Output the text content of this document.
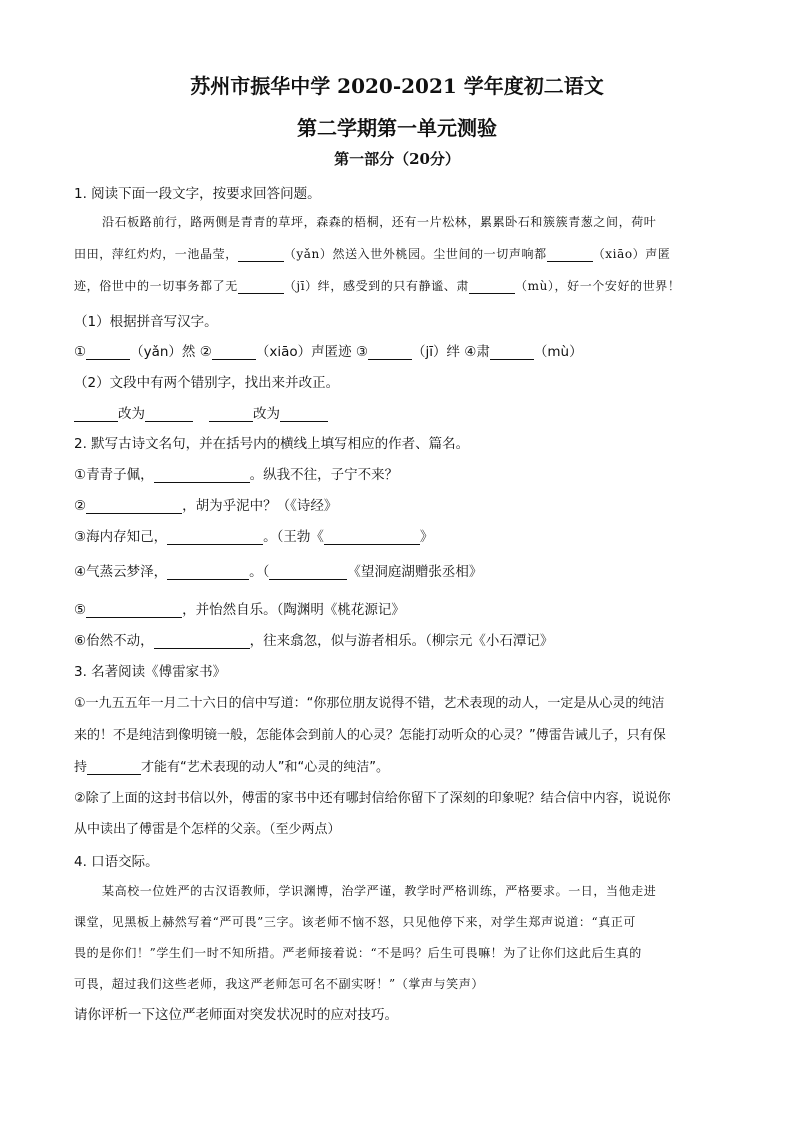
苏州市振华中学 2020-2021 学年度初二语文
第二学期第一单元测验
第一部分（20分）
1. 阅读下面一段文字，按要求回答问题。
沿石板路前行，路两侧是青青的草坪，森森的梧桐，还有一片松林，累累卧石和簇簇青葱之间，荷叶
田田，萍红灼灼，一池晶莹，	（yǎn）然送入世外桃园。尘世间的一切声响都	（xiāo）声匿
迹，俗世中的一切事务都了无	（jī）绊，感受到的只有静谧、肃	（mù），好一个安好的世界！
（1）根据拼音写汉字。
①	（yǎn）然 ②	（xiāo）声匿迹 ③	（jī）绊 ④肃	（mù）
（2）文段中有两个错别字，找出来并改正。
改为	改为
2. 默写古诗文名句，并在括号内的横线上填写相应的作者、篇名。
①青青子佩，	。纵我不往，子宁不来？
②	，胡为乎泥中？（《诗经》
③海内存知己，	。（王勃《	》
④气蒸云梦泽，	。（	《望洞庭湖赠张丞相》
⑤	，并怡然自乐。（陶渊明《桃花源记》
⑥佁然不动，	，往来翕忽，似与游者相乐。（柳宗元《小石潭记》
3. 名著阅读《傅雷家书》
①一九五五年一月二十六日的信中写道：“你那位朋友说得不错，艺术表现的动人，一定是从心灵的纯洁
来的！不是纯洁到像明镜一般，怎能体会到前人的心灵？怎能打动听众的心灵？”傅雷告诫儿子，只有保
持	才能有“艺术表现的动人”和“心灵的纯洁”。
②除了上面的这封书信以外，傅雷的家书中还有哪封信给你留下了深刻的印象呢？结合信中内容，说说你
从中读出了傅雷是个怎样的父亲。（至少两点）
4. 口语交际。
某高校一位姓严的古汉语教师，学识渊博，治学严谨，教学时严格训练，严格要求。一日，当他走进
课堂，见黑板上赫然写着“严可畏”三字。该老师不恼不怒，只见他停下来，对学生郑声说道：“真正可
畏的是你们！”学生们一时不知所措。严老师接着说：“不是吗？后生可畏嘛！为了让你们这此后生真的
可畏，超过我们这些老师，我这严老师怎可名不副实呀！”（掌声与笑声）
请你评析一下这位严老师面对突发状况时的应对技巧。
